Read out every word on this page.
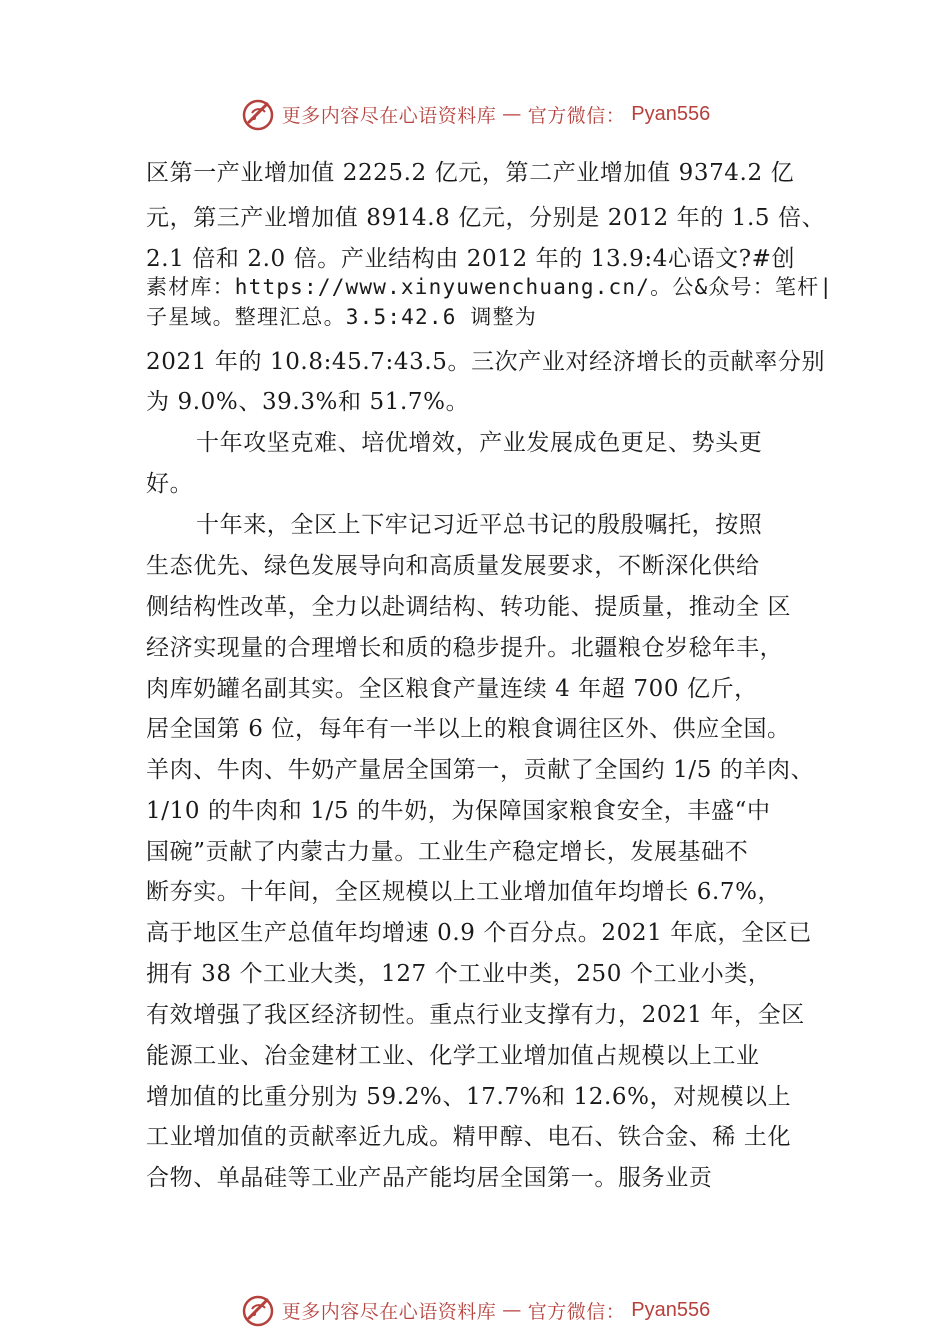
更多内容尽在心语资料库 — 官方微信： Pyan556
区第一产业增加值 2225.2 亿元，第二产业增加值 9374.2 亿
元，第三产业增加值 8914.8 亿元，分别是 2012 年的 1.5 倍、
2.1 倍和 2.0 倍。产业结构由 2012 年的 13.9:4心语文?#创
素材库：https://www.xinyuwenchuang.cn/。公&众号：笔杆|
子星域。整理汇总。3.5:42.6 调整为
2021 年的 10.8:45.7:43.5。三次产业对经济增长的贡献率分别
为 9.0%、39.3%和 51.7%。
十年攻坚克难、培优增效，产业发展成色更足、势头更
好。
十年来，全区上下牢记习近平总书记的殷殷嘱托，按照
生态优先、绿色发展导向和高质量发展要求，不断深化供给
侧结构性改革，全力以赴调结构、转功能、提质量，推动全 区
经济实现量的合理增长和质的稳步提升。北疆粮仓岁稔年丰，
肉库奶罐名副其实。全区粮食产量连续 4 年超 700 亿斤，
居全国第 6 位，每年有一半以上的粮食调往区外、供应全国。
羊肉、牛肉、牛奶产量居全国第一，贡献了全国约 1/5 的羊肉、
1/10 的牛肉和 1/5 的牛奶，为保障国家粮食安全，丰盛“中
国碗”贡献了内蒙古力量。工业生产稳定增长，发展基础不
断夯实。十年间，全区规模以上工业增加值年均增长 6.7%，
高于地区生产总值年均增速 0.9 个百分点。2021 年底，全区已
拥有 38 个工业大类，127 个工业中类，250 个工业小类，
有效增强了我区经济韧性。重点行业支撑有力，2021 年，全区
能源工业、冶金建材工业、化学工业增加值占规模以上工业
增加值的比重分别为 59.2%、17.7%和 12.6%，对规模以上
工业增加值的贡献率近九成。精甲醇、电石、铁合金、稀 土化
合物、单晶硅等工业产品产能均居全国第一。服务业贡
更多内容尽在心语资料库 — 官方微信： Pyan556
